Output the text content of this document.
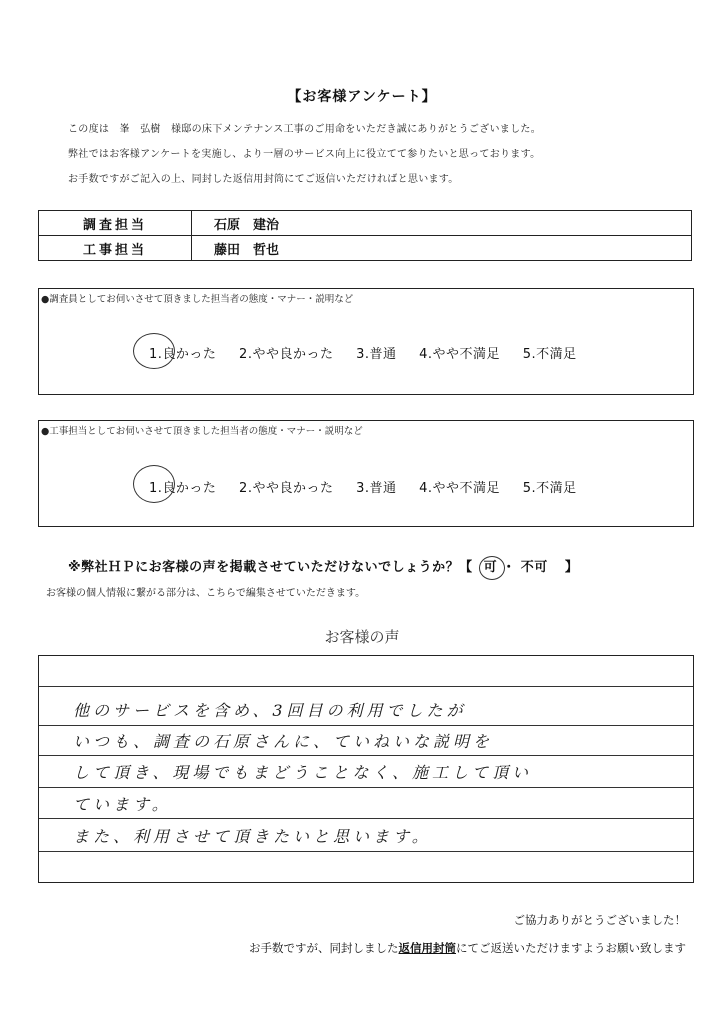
【お客様アンケート】
この度は　峯　弘樹　様邸の床下メンテナンス工事のご用命をいただき誠にありがとうございました。
弊社ではお客様アンケートを実施し、より一層のサービス向上に役立てて参りたいと思っております。
お手数ですがご記入の上、同封した返信用封筒にてご返信いただければと思います。
調査担当	石原　建治
工事担当	藤田　哲也
●調査員としてお伺いさせて頂きました担当者の態度・マナー・説明など
1.良かった 2.やや良かった 3.普通 4.やや不満足 5.不満足
●工事担当としてお伺いさせて頂きました担当者の態度・マナー・説明など
1.良かった 2.やや良かった 3.普通 4.やや不満足 5.不満足
※弊社ＨＰにお客様の声を掲載させていただけないでしょうか？【 可 ・ 不可 】
お客様の個人情報に繋がる部分は、こちらで編集させていただきます。
お客様の声
他のサービスを含め、3回目の利用でしたが
いつも、調査の石原さんに、ていねいな説明を
して頂き、現場でもまどうことなく、施工して頂い
ています。
また、利用させて頂きたいと思います。
ご協力ありがとうございました！
お手数ですが、同封しました返信用封筒にてご返送いただけますようお願い致します
